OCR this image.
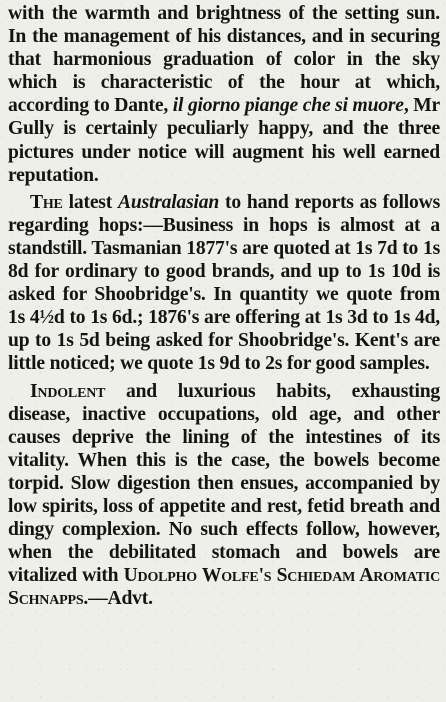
with the warmth and brightness of the setting sun. In the management of his distances, and in securing that harmonious graduation of color in the sky which is characteristic of the hour at which, according to Dante, il giorno piange che si muore, Mr Gully is certainly peculiarly happy, and the three pictures under notice will augment his well earned reputation.

The latest Australasian to hand reports as follows regarding hops:—Business in hops is almost at a standstill. Tasmanian 1877's are quoted at 1s 7d to 1s 8d for ordinary to good brands, and up to 1s 10d is asked for Shoobridge's. In quantity we quote from 1s 4½d to 1s 6d.; 1876's are offering at 1s 3d to 1s 4d, up to 1s 5d being asked for Shoobridge's. Kent's are little noticed; we quote 1s 9d to 2s for good samples.

Indolent and luxurious habits, exhausting disease, inactive occupations, old age, and other causes deprive the lining of the intestines of its vitality. When this is the case, the bowels become torpid. Slow digestion then ensues, accompanied by low spirits, loss of appetite and rest, fetid breath and dingy complexion. No such effects follow, however, when the debilitated stomach and bowels are vitalized with Udolpho Wolfe's Schiedam Aromatic Schnapps.—Advt.
